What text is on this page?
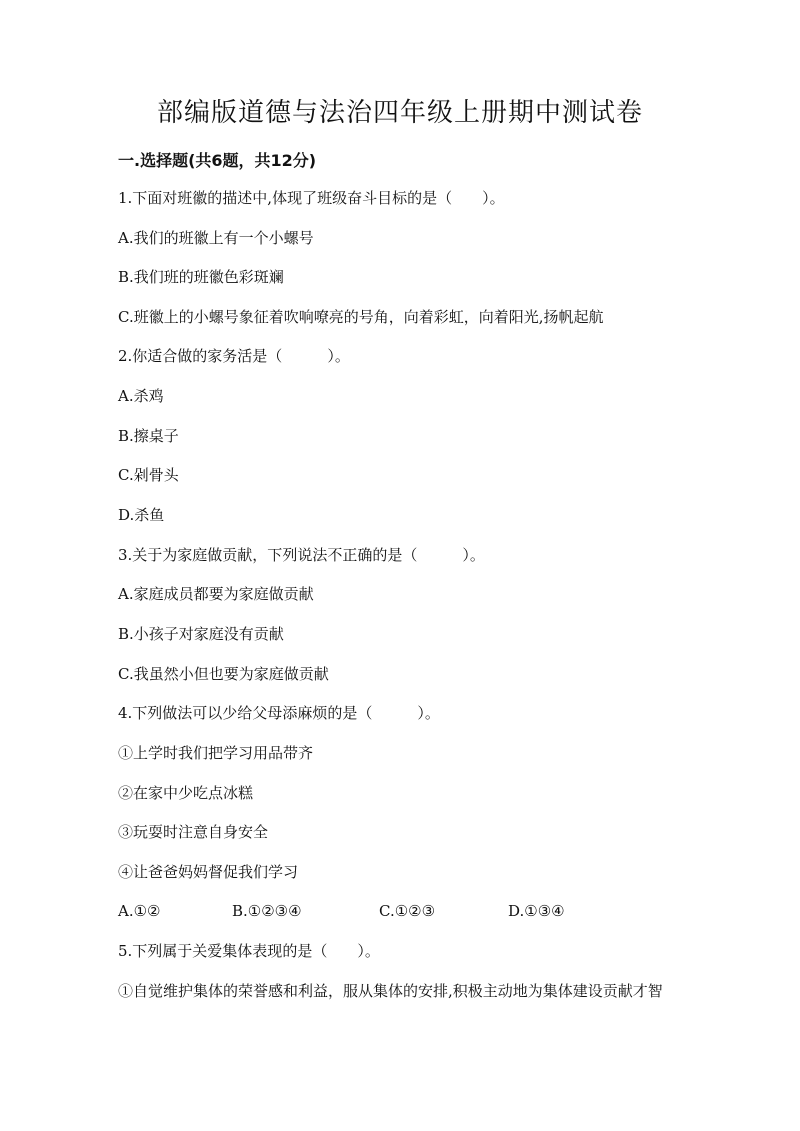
部编版道德与法治四年级上册期中测试卷
一.选择题(共6题，共12分)
1.下面对班徽的描述中,体现了班级奋斗目标的是（　　）。
A.我们的班徽上有一个小螺号
B.我们班的班徽色彩斑斓
C.班徽上的小螺号象征着吹响嘹亮的号角，向着彩虹，向着阳光,扬帆起航
2.你适合做的家务活是（　　　）。
A.杀鸡
B.擦桌子
C.剁骨头
D.杀鱼
3.关于为家庭做贡献，下列说法不正确的是（　　　）。
A.家庭成员都要为家庭做贡献
B.小孩子对家庭没有贡献
C.我虽然小但也要为家庭做贡献
4.下列做法可以少给父母添麻烦的是（　　　）。
①上学时我们把学习用品带齐
②在家中少吃点冰糕
③玩耍时注意自身安全
④让爸爸妈妈督促我们学习
A.①②	B.①②③④	C.①②③	D.①③④
5.下列属于关爱集体表现的是（　　）。
①自觉维护集体的荣誉感和利益，服从集体的安排,积极主动地为集体建设贡献才智
